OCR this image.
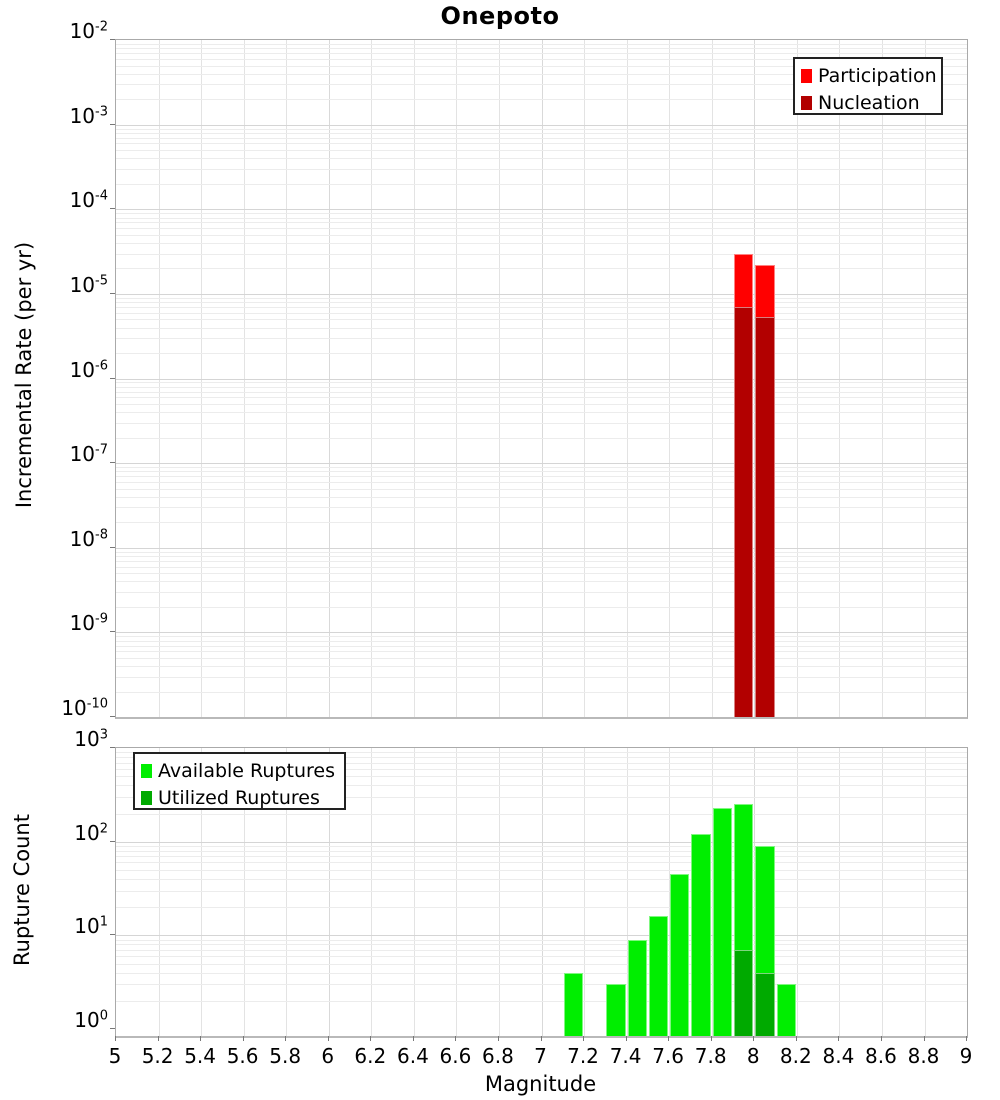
Onepoto
Incremental Rate (per yr)
Rupture Count
Participation
Nucleation
Available Ruptures
Utilized Ruptures
Magnitude
$10^{-2}$
$10^{-3}$
$10^{-4}$
$10^{-5}$
$10^{-6}$
$10^{-7}$
$10^{-8}$
$10^{-9}$
$10^{-10}$
$10^3$
$10^2$
$10^1$
$10^0$
5	5.2 5.4 5.6 5.8	6	6.2 6.4 6.6 6.8	7	7.2 7.4 7.6 7.8	8	8.2 8.4 8.6 8.8	9
